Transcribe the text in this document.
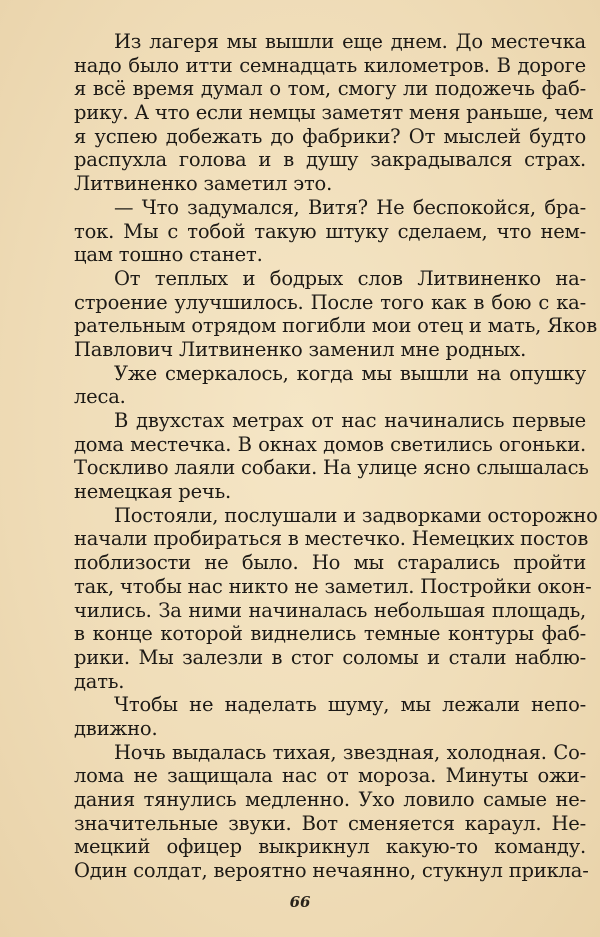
Из лагеря мы вышли еще днем. До местечка
надо было итти семнадцать километров. В дороге
я всё время думал о том, смогу ли подожечь фаб-
рику. А что если немцы заметят меня раньше, чем
я успею добежать до фабрики? От мыслей будто
распухла голова и в душу закрадывался страх.
Литвиненко заметил это.
— Что задумался, Витя? Не беспокойся, бра-
ток. Мы с тобой такую штуку сделаем, что нем-
цам тошно станет.
От теплых и бодрых слов Литвиненко на-
строение улучшилось. После того как в бою с ка-
рательным отрядом погибли мои отец и мать, Яков
Павлович Литвиненко заменил мне родных.
Уже смеркалось, когда мы вышли на опушку
леса.
В двухстах метрах от нас начинались первые
дома местечка. В окнах домов светились огоньки.
Тоскливо лаяли собаки. На улице ясно слышалась
немецкая речь.
Постояли, послушали и задворками осторожно
начали пробираться в местечко. Немецких постов
поблизости не было. Но мы старались пройти
так, чтобы нас никто не заметил. Постройки окон-
чились. За ними начиналась небольшая площадь,
в конце которой виднелись темные контуры фаб-
рики. Мы залезли в стог соломы и стали наблю-
дать.
Чтобы не наделать шуму, мы лежали непо-
движно.
Ночь выдалась тихая, звездная, холодная. Со-
лома не защищала нас от мороза. Минуты ожи-
дания тянулись медленно. Ухо ловило самые не-
значительные звуки. Вот сменяется караул. Не-
мецкий офицер выкрикнул какую-то команду.
Один солдат, вероятно нечаянно, стукнул прикла-
66
